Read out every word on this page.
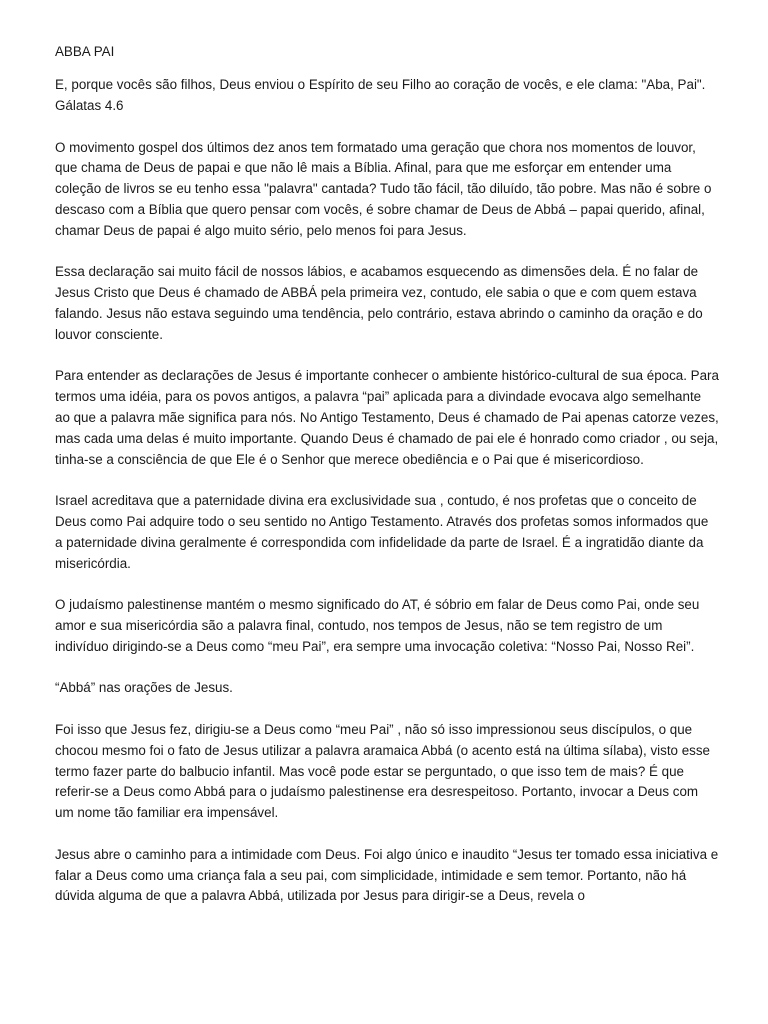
ABBA PAI

E, porque vocês são filhos, Deus enviou o Espírito de seu Filho ao coração de vocês, e ele clama: "Aba, Pai".

Gálatas 4.6

O movimento gospel dos últimos dez anos tem formatado uma geração que chora nos momentos de louvor, que chama de Deus de papai e que não lê mais a Bíblia. Afinal, para que me esforçar em entender uma coleção de livros se eu tenho essa "palavra" cantada? Tudo tão fácil, tão diluído, tão pobre. Mas não é sobre o descaso com a Bíblia que quero pensar com vocês, é sobre chamar de Deus de Abbá – papai querido, afinal, chamar Deus de papai é algo muito sério, pelo menos foi para Jesus.

Essa declaração sai muito fácil de nossos lábios, e acabamos esquecendo as dimensões dela. É no falar de Jesus Cristo que Deus é chamado de ABBÁ pela primeira vez, contudo, ele sabia o que e com quem estava falando. Jesus não estava seguindo uma tendência, pelo contrário, estava abrindo o caminho da oração e do louvor consciente.

Para entender as declarações de Jesus é importante conhecer o ambiente histórico-cultural de sua época. Para termos uma idéia, para os povos antigos, a palavra “pai” aplicada para a divindade evocava algo semelhante ao que a palavra mãe significa para nós. No Antigo Testamento, Deus é chamado de Pai apenas catorze vezes, mas cada uma delas é muito importante. Quando Deus é chamado de pai ele é honrado como criador , ou seja, tinha-se a consciência de que Ele é o Senhor que merece obediência e o Pai que é misericordioso.

Israel acreditava que a paternidade divina era exclusividade sua , contudo, é nos profetas que o conceito de Deus como Pai adquire todo o seu sentido no Antigo Testamento. Através dos profetas somos informados que a paternidade divina geralmente é correspondida com infidelidade da parte de Israel. É a ingratidão diante da misericórdia.

O judaísmo palestinense mantém o mesmo significado do AT, é sóbrio em falar de Deus como Pai, onde seu amor e sua misericórdia são a palavra final, contudo, nos tempos de Jesus, não se tem registro de um indivíduo dirigindo-se a Deus como “meu Pai”, era sempre uma invocação coletiva: “Nosso Pai, Nosso Rei”.

“Abbá” nas orações de Jesus.

Foi isso que Jesus fez, dirigiu-se a Deus como “meu Pai” , não só isso impressionou seus discípulos, o que chocou mesmo foi o fato de Jesus utilizar a palavra aramaica Abbá (o acento está na última sílaba), visto esse termo fazer parte do balbucio infantil. Mas você pode estar se perguntado, o que isso tem de mais? É que referir-se a Deus como Abbá para o judaísmo palestinense era desrespeitoso. Portanto, invocar a Deus com um nome tão familiar era impensável.

Jesus abre o caminho para a intimidade com Deus. Foi algo único e inaudito “Jesus ter tomado essa iniciativa e falar a Deus como uma criança fala a seu pai, com simplicidade, intimidade e sem temor. Portanto, não há dúvida alguma de que a palavra Abbá, utilizada por Jesus para dirigir-se a Deus, revela o
